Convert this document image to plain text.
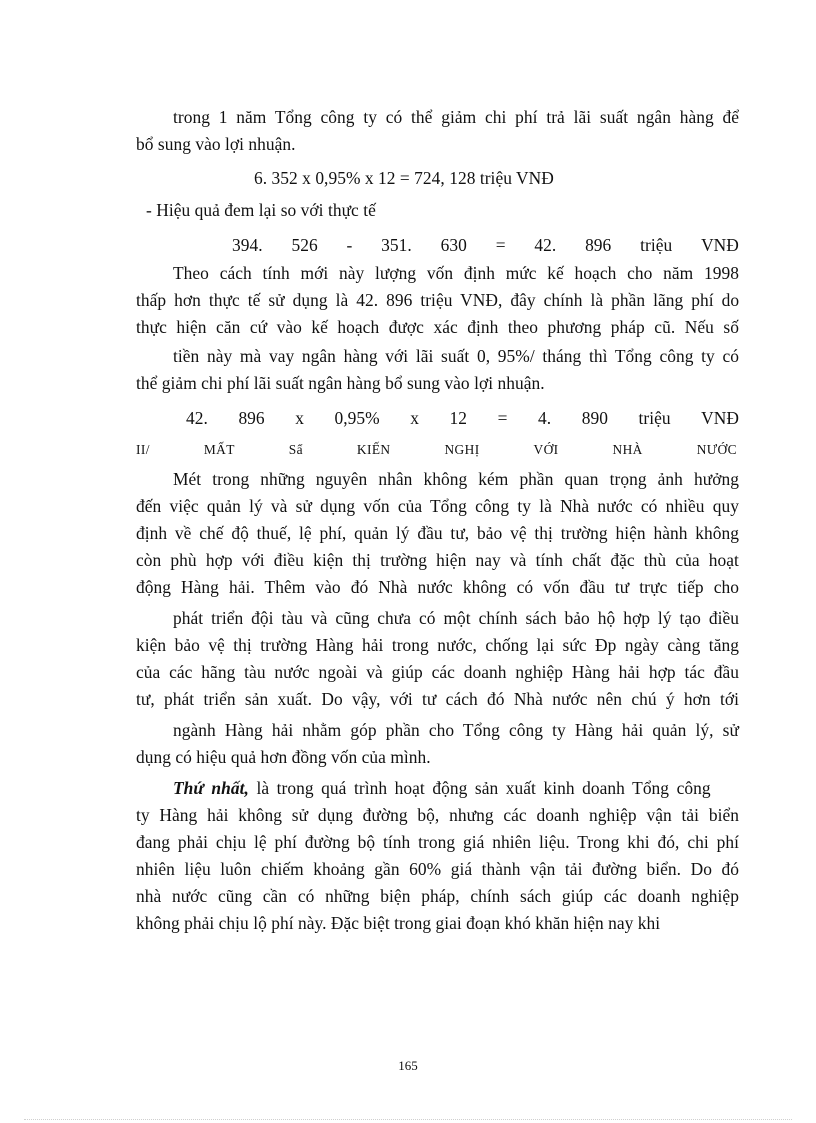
trong 1 năm Tổng công ty có thể giảm chi phí trả lãi suất ngân hàng để
bổ sung vào lợi nhuận.
6. 352 x 0,95% x 12 = 724, 128 triệu VNĐ
- Hiệu quả đem lại so với thực tế
394. 526 - 351. 630 = 42. 896 triệu VNĐ
Theo cách tính mới này lượng vốn định mức kế hoạch cho năm 1998
thấp hơn thực tế sử dụng là 42. 896 triệu VNĐ, đây chính là phần lãng phí do
thực hiện căn cứ vào kế hoạch được xác định theo phương pháp cũ. Nếu số
tiền này mà vay ngân hàng với lãi suất 0, 95%/ tháng thì Tổng công ty có
thể giảm chi phí lãi suất ngân hàng bổ sung vào lợi nhuận.
42. 896 x 0,95% x 12 = 4. 890 triệu VNĐ
II/	MẤT	Sẩ	KIẾN	NGHỊ	VỚI	NHÀ	NƯỚC
Mét trong những nguyên nhân không kém phần quan trọng ảnh hưởng
đến việc quản lý và sử dụng vốn của Tổng công ty là Nhà nước có nhiều quy
định về chế độ thuế, lệ phí, quản lý đầu tư, bảo vệ thị trường hiện hành không
còn phù hợp với điều kiện thị trường hiện nay và tính chất đặc thù của hoạt
động Hàng hải. Thêm vào đó Nhà nước không có vốn đầu tư trực tiếp cho
phát triển đội tàu và cũng chưa có một chính sách bảo hộ hợp lý tạo điều
kiện bảo vệ thị trường Hàng hải trong nước, chống lại sức Ðp ngày càng tăng
của các hãng tàu nước ngoài và giúp các doanh nghiệp Hàng hải hợp tác đầu
tư, phát triển sản xuất. Do vậy, với tư cách đó Nhà nước nên chú ý hơn tới
ngành Hàng hải nhằm góp phần cho Tổng công ty Hàng hải quản lý, sử
dụng có hiệu quả hơn đồng vốn của mình.
Thứ nhất, là trong quá trình hoạt động sản xuất kinh doanh Tổng công
ty Hàng hải không sử dụng đường bộ, nhưng các doanh nghiệp vận tải biển
đang phải chịu lệ phí đường bộ tính trong giá nhiên liệu. Trong khi đó, chi phí
nhiên liệu luôn chiếm khoảng gần 60% giá thành vận tải đường biển. Do đó
nhà nước cũng cần có những biện pháp, chính sách giúp các doanh nghiệp
không phải chịu lộ phí này. Đặc biệt trong giai đoạn khó khăn hiện nay khi
165
